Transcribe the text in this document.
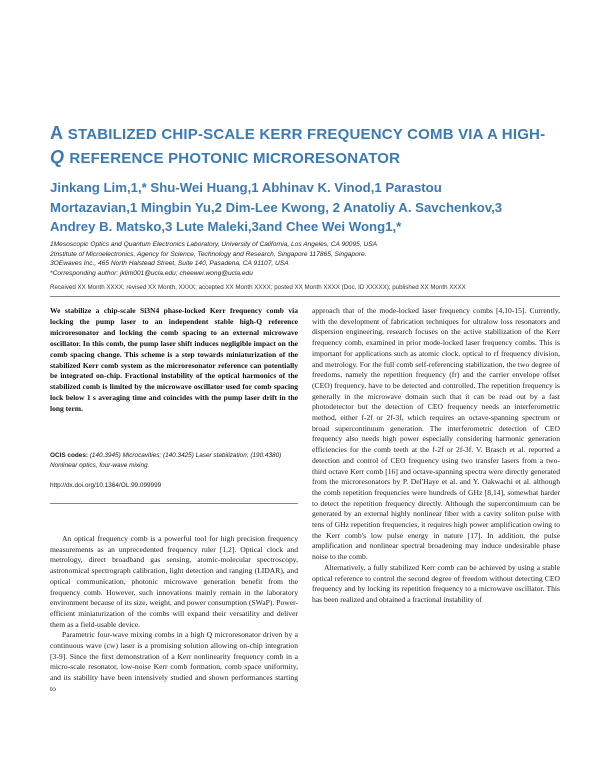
A STABILIZED CHIP-SCALE KERR FREQUENCY COMB VIA A HIGH-
Q REFERENCE PHOTONIC MICRORESONATOR
Jinkang Lim,1,* Shu-Wei Huang,1 Abhinav K. Vinod,1 Parastou
Mortazavian,1 Mingbin Yu,2 Dim-Lee Kwong, 2 Anatoliy A. Savchenkov,3
Andrey B. Matsko,3 Lute Maleki,3and Chee Wei Wong1,*
1Mesoscopic Optics and Quantum Electronics Laboratory, University of California, Los Angeles, CA 90095, USA
2Institute of Microelectronics, Agency for Science, Technology and Research, Singapore 117865, Singapore.
3OEwaves Inc., 465 North Halstead Street, Suite 140, Pasadena, CA 91107, USA
*Corresponding author: jklim001@ucla.edu; cheewei.wong@ucla.edu
Received XX Month XXXX; revised XX Month, XXXX; accepted XX Month XXXX; posted XX Month XXXX (Doc. ID XXXXX); published XX Month XXXX
We stabilize a chip-scale Si3N4 phase-locked Kerr frequency comb via locking the pump laser to an independent stable high-Q reference microresonator and locking the comb spacing to an external microwave oscillator. In this comb, the pump laser shift induces negligible impact on the comb spacing change. This scheme is a step towards miniaturization of the stabilized Kerr comb system as the microresonator reference can potentially be integrated on-chip. Fractional instability of the optical harmonics of the stabilized comb is limited by the microwave oscillator used for comb spacing lock below 1 s averaging time and coincides with the pump laser drift in the long term.
OCIS codes: (140.3945) Microcavities; (140.3425) Laser stabilization; (190.4380) Nonlinear optics, four-wave mixing.
http://dx.doi.org/10.1364/OL.99.099999

An optical frequency comb is a powerful tool for high precision frequency measurements as an unprecedented frequency ruler [1,2]. Optical clock and metrology, direct broadband gas sensing, atomic-molecular spectroscopy, astronomical spectrograph calibration, light detection and ranging (LIDAR), and optical communication, photonic microwave generation benefit from the frequency comb. However, such innovations mainly remain in the laboratory environment because of its size, weight, and power consumption (SWaP). Power-efficient miniaturization of the combs will expand their versatility and deliver them as a field-usable device.

Parametric four-wave mixing combs in a high Q microresonator driven by a continuous wave (cw) laser is a promising solution allowing on-chip integration [3-9]. Since the first demonstration of a Kerr nonlinearity frequency comb in a micro-scale resonator, low-noise Kerr comb formation, comb space uniformity, and its stability have been intensively studied and shown performances starting to

approach that of the mode-locked laser frequency combs [4,10-15]. Currently, with the development of fabrication techniques for ultralow loss resonators and dispersion engineering, research focuses on the active stabilization of the Kerr frequency comb, examined in prior mode-locked laser frequency combs. This is important for applications such as atomic clock, optical to rf frequency division, and metrology. For the full comb self-referencing stabilization, the two degree of freedoms, namely the repetition frequency (fr) and the carrier envelope offset (CEO) frequency, have to be detected and controlled. The repetition frequency is generally in the microwave domain such that it can be read out by a fast photodetector but the detection of CEO frequency needs an interferometric method, either f-2f or 2f-3f, which requires an octave-spanning spectrum or broad supercontinuum generation. The interferometric detection of CEO frequency also needs high power especially considering harmonic generation efficiencies for the comb teeth at the f-2f or 2f-3f. V. Brasch et al. reported a detection and control of CEO frequency using two transfer lasers from a two-third octave Kerr comb [16] and octave-spanning spectra were directly generated from the microresonators by P. Del'Haye et al. and Y. Oakwachi et al. although the comb repetition frequencies were hundreds of GHz [8,14], somewhat harder to detect the repetition frequency directly. Although the supercontinuum can be generated by an external highly nonlinear fiber with a cavity soliton pulse with tens of GHz repetition frequencies, it requires high power amplification owing to the Kerr comb's low pulse energy in nature [17]. In addition, the pulse amplification and nonlinear spectral broadening may induce undesirable phase noise to the comb.

Alternatively, a fully stabilized Kerr comb can be achieved by using a stable optical reference to control the second degree of freedom without detecting CEO frequency and by locking its repetition frequency to a microwave oscillator. This has been realized and obtained a fractional instability of
